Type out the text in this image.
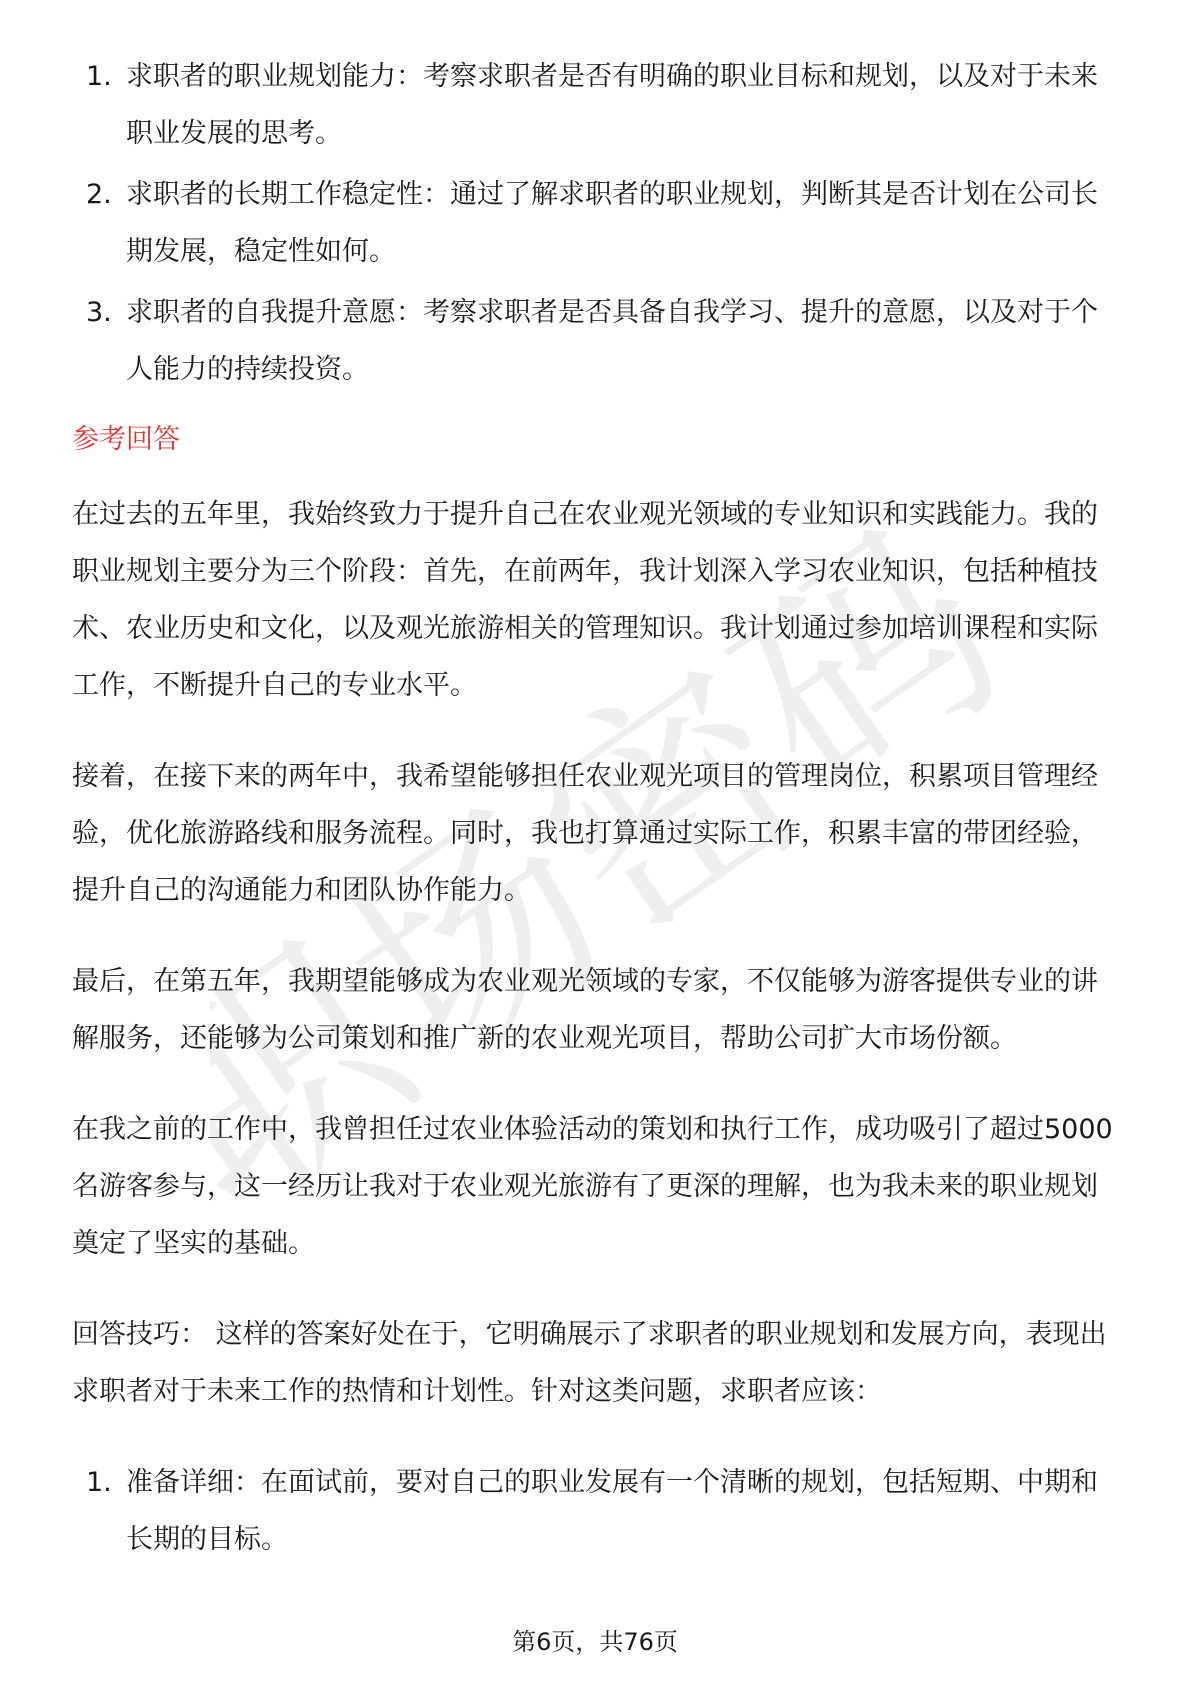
职场密码
1. 求职者的职业规划能力：考察求职者是否有明确的职业目标和规划，以及对于未来职业发展的思考。
2. 求职者的长期工作稳定性：通过了解求职者的职业规划，判断其是否计划在公司长期发展，稳定性如何。
3. 求职者的自我提升意愿：考察求职者是否具备自我学习、提升的意愿，以及对于个人能力的持续投资。
参考回答

在过去的五年里，我始终致力于提升自己在农业观光领域的专业知识和实践能力。我的职业规划主要分为三个阶段：首先，在前两年，我计划深入学习农业知识，包括种植技术、农业历史和文化，以及观光旅游相关的管理知识。我计划通过参加培训课程和实际工作，不断提升自己的专业水平。

接着，在接下来的两年中，我希望能够担任农业观光项目的管理岗位，积累项目管理经验，优化旅游路线和服务流程。同时，我也打算通过实际工作，积累丰富的带团经验，提升自己的沟通能力和团队协作能力。

最后，在第五年，我期望能够成为农业观光领域的专家，不仅能够为游客提供专业的讲解服务，还能够为公司策划和推广新的农业观光项目，帮助公司扩大市场份额。

在我之前的工作中，我曾担任过农业体验活动的策划和执行工作，成功吸引了超过5000名游客参与，这一经历让我对于农业观光旅游有了更深的理解，也为我未来的职业规划奠定了坚实的基础。

回答技巧： 这样的答案好处在于，它明确展示了求职者的职业规划和发展方向，表现出求职者对于未来工作的热情和计划性。针对这类问题，求职者应该：

1. 准备详细：在面试前，要对自己的职业发展有一个清晰的规划，包括短期、中期和长期的目标。
第6页，共76页
